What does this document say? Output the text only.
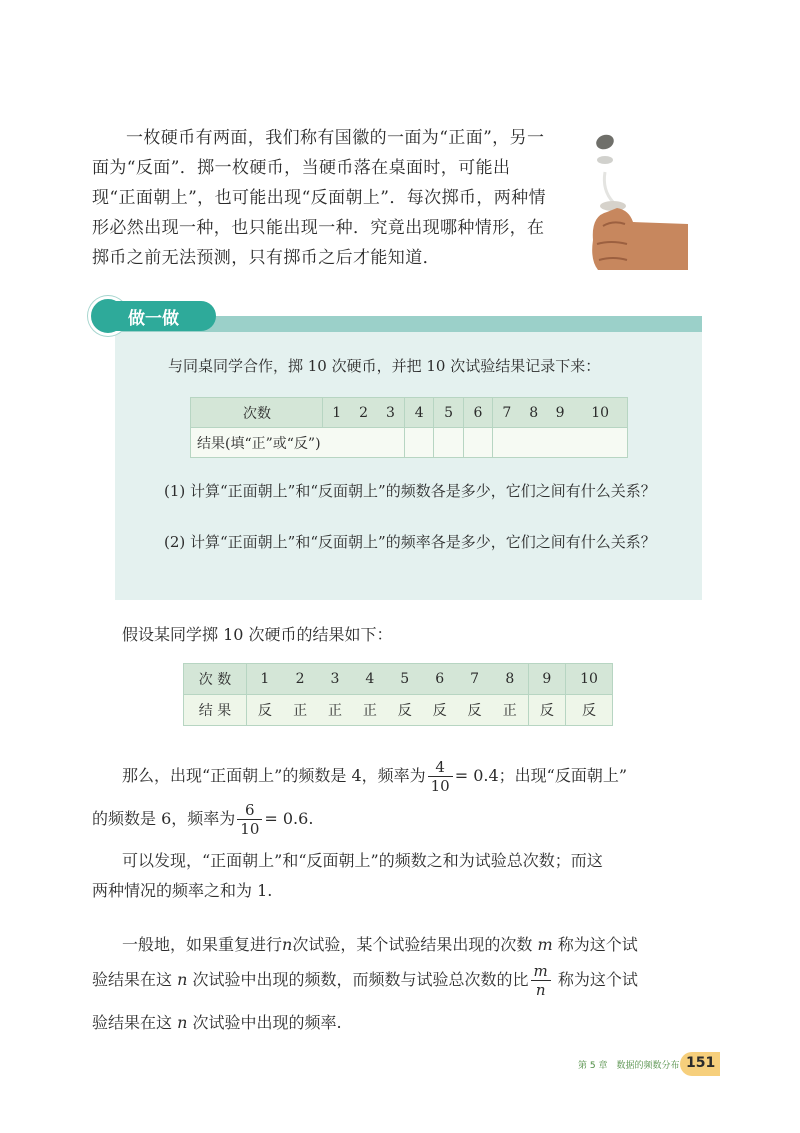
一枚硬币有两面，我们称有国徽的一面为“正面”，另一面为“反面”．掷一枚硬币，当硬币落在桌面时，可能出现“正面朝上”，也可能出现“反面朝上”．每次掷币，两种情形必然出现一种，也只能出现一种．究竟出现哪种情形，在掷币之前无法预测，只有掷币之后才能知道．

做一做

与同桌同学合作，掷 10 次硬币，并把 10 次试验结果记录下来：

次数	1	2	3	4	5	6	7	8	9	10
结果(填“正”或“反”)										

(1) 计算“正面朝上”和“反面朝上”的频数各是多少，它们之间有什么关系？

(2) 计算“正面朝上”和“反面朝上”的频率各是多少，它们之间有什么关系？

假设某同学掷 10 次硬币的结果如下：

次 数	1	2	3	4	5	6	7	8	9	10
结 果	反	正	正	正	反	反	反	正	反	反

那么，出现“正面朝上”的频数是 4，频率为 $\frac{4}{10} = 0.4$；出现“反面朝上”

的频数是 6，频率为 $\frac{6}{10} = 0.6$.

可以发现，“正面朝上”和“反面朝上”的频数之和为试验总次数；而这

两种情况的频率之和为 1.

一般地，如果重复进行n次试验，某个试验结果出现的次数 m 称为这个试

验结果在这 n 次试验中出现的频数，而频数与试验总次数的比 $\frac{m}{n}$ 称为这个试

验结果在这 n 次试验中出现的频率.

第 5 章　数据的频数分布 151
